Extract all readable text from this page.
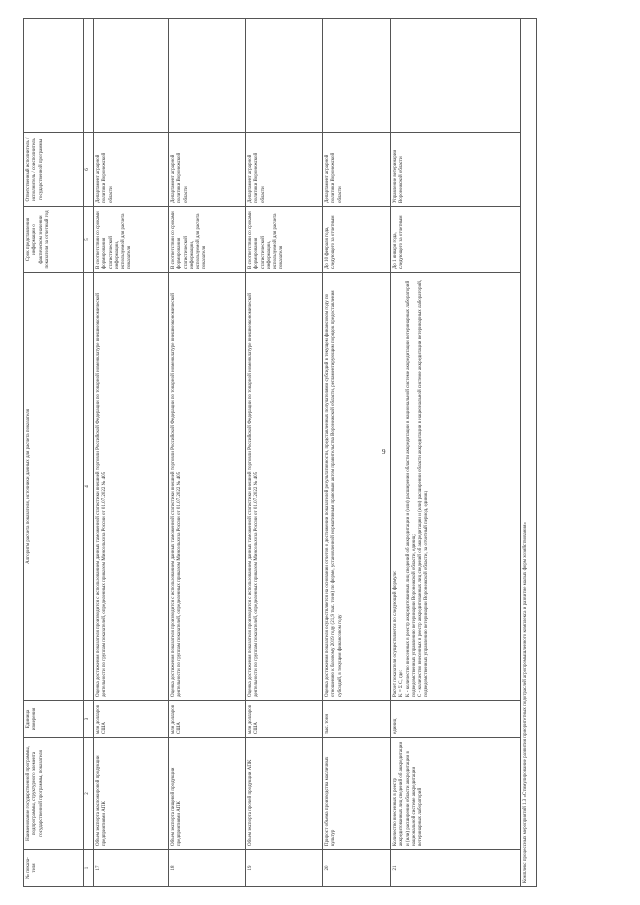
9
№ показа- теля	Наименование государственной программы, подпрограммы, структурного элемента государственной программы, показателя	Единица измерения	Алгоритм расчета показателя, источники данных для расчета показателя	Срок представления информации о фактическом значении показателя за отчетный год	Ответственный исполнитель / исполнитель / соисполнитель государственной программы	
1	2	3	4	5	6	
17	Объем экспорта масложировой продукции предприятиями АПК	млн долларов США	Оценка достижения показателя производится с использованием данных таможенной статистики внешней торговли Российской Федерации по товарной номенклатуре внешнеэкономической деятельности по группам показателей, определенных приказом Минсельхоза России от 01.07.2022 № 405	В соответствии со сроками формирования статистической информации, используемой для расчета показателя	Департамент аграрной политики Воронежской области	
18	Объем экспорта пищевой продукции предприятиями АПК	млн долларов США	Оценка достижения показателя производится с использованием данных таможенной статистики внешней торговли Российской Федерации по товарной номенклатуре внешнеэкономической деятельности по группам показателей, определенных приказом Минсельхоза России от 01.07.2022 № 405	В соответствии со сроками формирования статистической информации, используемой для расчета показателя	Департамент аграрной политики Воронежской области	
19	Объем экспорта прочей продукции АПК	млн долларов США	Оценка достижения показателя производится с использованием данных таможенной статистики внешней торговли Российской Федерации по товарной номенклатуре внешнеэкономической деятельности по группам показателей, определенных приказом Минсельхоза России от 01.07.2022 № 405	В соответствии со сроками формирования статистической информации, используемой для расчета показателя	Департамент аграрной политики Воронежской области	
20	Прирост объема производства масличных культур	тыс. тонн	Оценка достижения показателя осуществляется на основании отчетов о достижении показателей результативности, представленных получателями субсидий в текущем финансовом году по отношению к базовому 2019 году (21,9 тыс. тонн) по форме, установленной нормативным правовым актом правительства Воронежской области, регламентирующим порядок предоставления субсидий, в текущем финансовом году	До 10 февраля года, следующего за отчетным	Департамент аграрной политики Воронежской области	
21	Количество внесенных в реестр аккредитованных лиц сведений об аккредитации и (или) расширении области аккредитации в национальной системе аккредитации ветеринарных лабораторий	единиц	Расчет показателя осуществляется по следующей формуле: K = Σ C, где: K - количество внесенных в реестр аккредитованных лиц сведений об аккредитации и (или) расширении области аккредитации в национальной системе аккредитации ветеринарных лабораторий подведомственных управлению ветеринарии Воронежской области, единиц; C - количество внесенных в реестр аккредитованных лиц сведений об аккредитации и (или) расширении области аккредитации в национальной системе аккредитации ветеринарных лабораторий, подведомственных управлению ветеринарии Воронежской области, за отчетный период, единиц	До 1 января года, следующего за отчетным	Управление ветеринарии Воронежской области	
Комплекс процессных мероприятий 1.3 «Стимулирование развития приоритетных подотраслей агропромышленного комплекса и развитие малых форм хозяйствования»						
